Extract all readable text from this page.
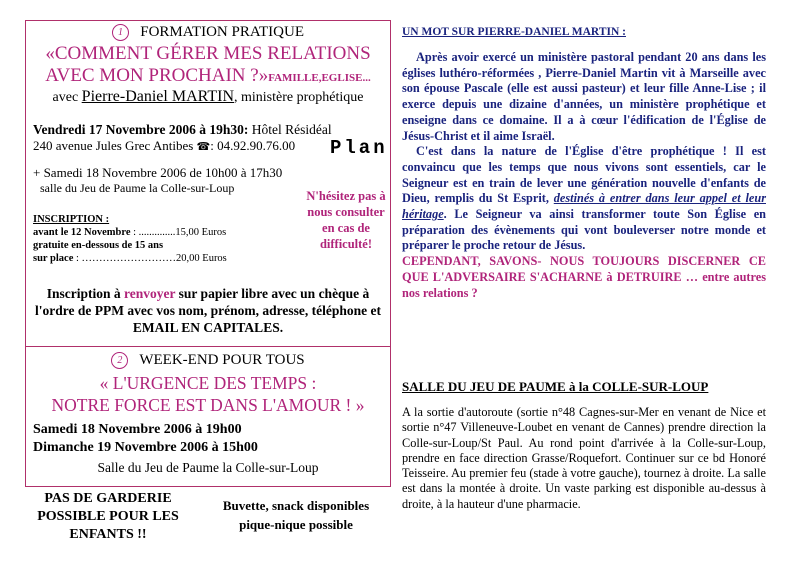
1 FORMATION PRATIQUE
«COMMENT GÉRER MES RELATIONS
AVEC MON PROCHAIN ?»FAMILLE,EGLISE...
avec Pierre-Daniel MARTIN, ministère prophétique
Vendredi 17 Novembre 2006 à 19h30: Hôtel Résidéal
240 avenue Jules Grec Antibes ☎: 04.92.90.76.00 Plan
+ Samedi 18 Novembre 2006 de 10h00 à 17h30
salle du Jeu de Paume la Colle-sur-Loup
INSCRIPTION :
avant le 12 Novembre : ..............15,00 Euros
gratuite en-dessous de 15 ans
sur place : ………………………20,00 Euros
N'hésitez pas à nous consulter en cas de difficulté!
Inscription à renvoyer sur papier libre avec un chèque à l'ordre de PPM avec vos nom, prénom, adresse, téléphone et EMAIL EN CAPITALES.
2 WEEK-END POUR TOUS
« L'URGENCE DES TEMPS :
NOTRE FORCE EST DANS L'AMOUR ! »
Samedi 18 Novembre 2006 à 19h00
Dimanche 19 Novembre 2006 à 15h00
Salle du Jeu de Paume la Colle-sur-Loup
PAS DE GARDERIE POSSIBLE POUR LES ENFANTS !!
Buvette, snack disponibles
pique-nique possible
UN MOT SUR PIERRE-DANIEL MARTIN :
Après avoir exercé un ministère pastoral pendant 20 ans dans les églises luthéro-réformées , Pierre-Daniel Martin vit à Marseille avec son épouse Pascale (elle est aussi pasteur) et leur fille Anne-Lise ; il exerce depuis une dizaine d'années, un ministère prophétique et enseigne dans ce domaine. Il a à cœur l'édification de l'Église de Jésus-Christ et il aime Israël.
C'est dans la nature de l'Église d'être prophétique ! Il est convaincu que les temps que nous vivons sont essentiels, car le Seigneur est en train de lever une génération nouvelle d'enfants de Dieu, remplis du St Esprit, destinés à entrer dans leur appel et leur héritage. Le Seigneur va ainsi transformer toute Son Église en préparation des évènements qui vont bouleverser notre monde et préparer le proche retour de Jésus.
CEPENDANT, SAVONS- NOUS TOUJOURS DISCERNER CE QUE L'ADVERSAIRE S'ACHARNE à DETRUIRE … entre autres nos relations ?
SALLE DU JEU DE PAUME à la COLLE-SUR-LOUP
A la sortie d'autoroute (sortie n°48 Cagnes-sur-Mer en venant de Nice et sortie n°47 Villeneuve-Loubet en venant de Cannes) prendre direction la Colle-sur-Loup/St Paul. Au rond point d'arrivée à la Colle-sur-Loup, prendre en face direction Grasse/Roquefort. Continuer sur ce bd Honoré Teisseire. Au premier feu (stade à votre gauche), tournez à droite. La salle est dans la montée à droite. Un vaste parking est disponible au-dessus à droite, à la hauteur d'une pharmacie.
